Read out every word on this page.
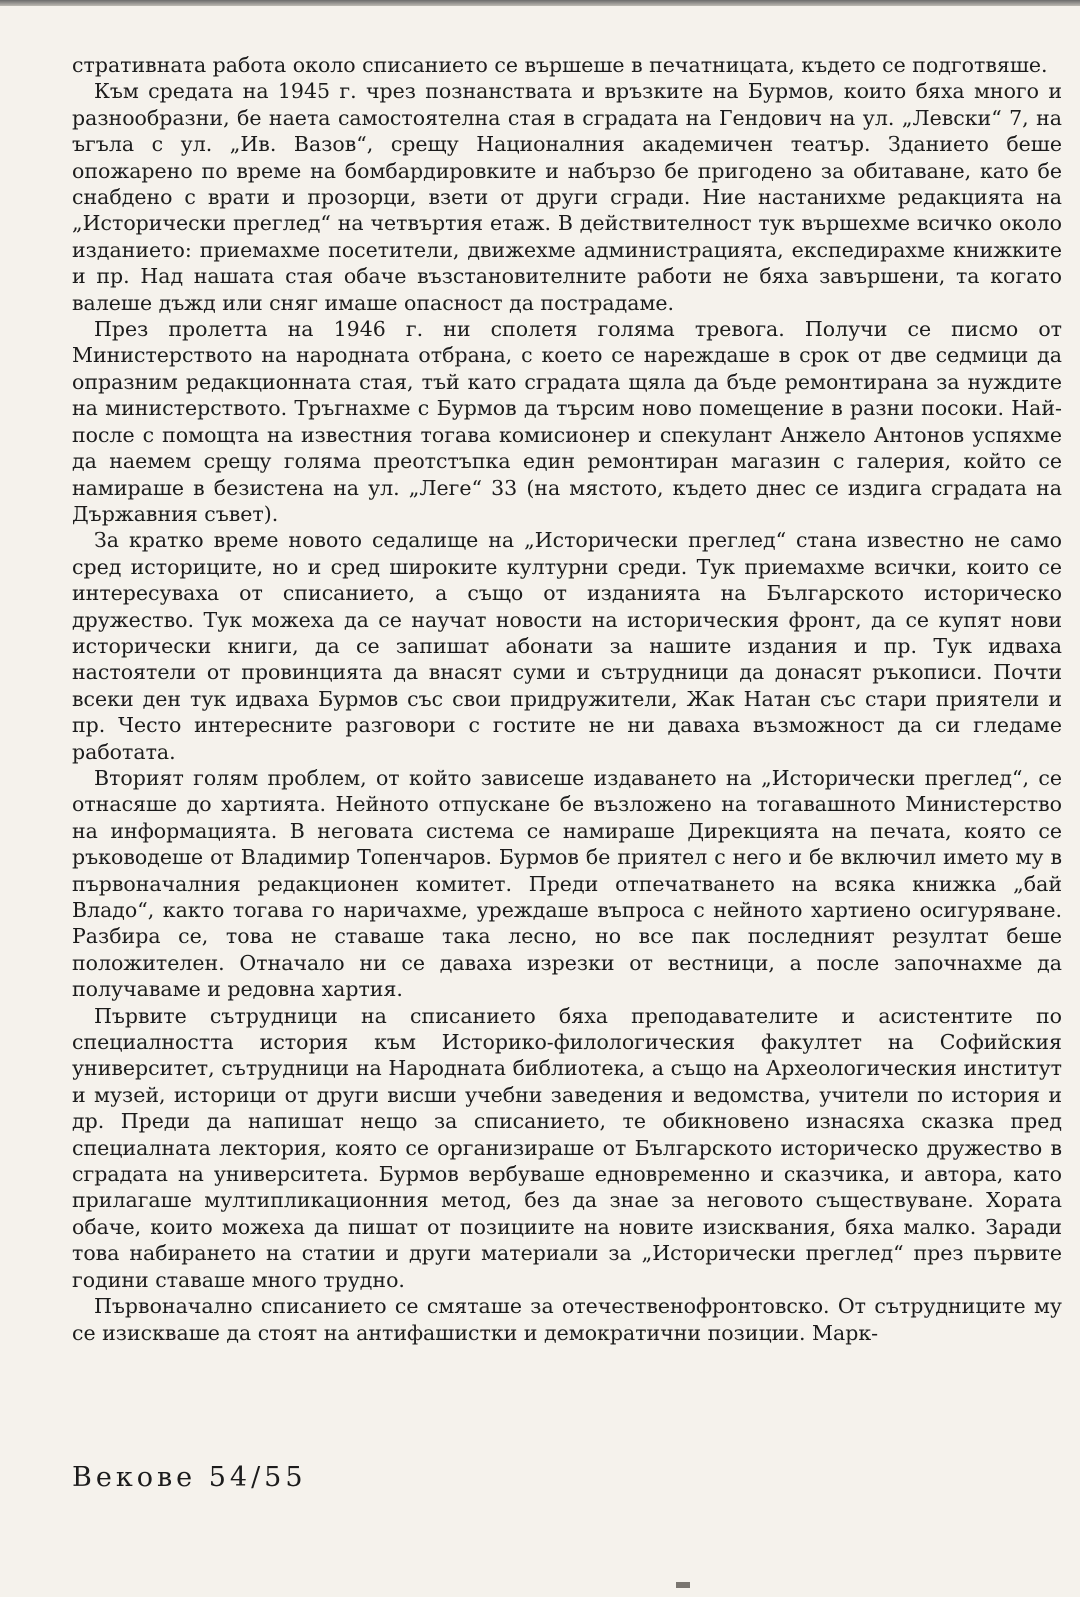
стративната работа около списанието се вършеше в печатницата, където се подготвяше.

Към средата на 1945 г. чрез познанствата и връзките на Бурмов, които бяха много и разнообразни, бе наета самостоятелна стая в сградата на Гендович на ул. „Левски“ 7, на ъгъла с ул. „Ив. Вазов“, срещу Националния академичен театър. Зданието беше опожарено по време на бомбардировките и набързо бе пригодено за обитаване, като бе снабдено с врати и прозорци, взети от други сгради. Ние настанихме редакцията на „Исторически преглед“ на четвъртия етаж. В действителност тук вършехме всичко около изданието: приемахме посетители, движехме администрацията, експедирахме книжките и пр. Над нашата стая обаче възстановителните работи не бяха завършени, та когато валеше дъжд или сняг имаше опасност да пострадаме.

През пролетта на 1946 г. ни сполетя голяма тревога. Получи се писмо от Министерството на народната отбрана, с което се нареждаше в срок от две седмици да опразним редакционната стая, тъй като сградата щяла да бъде ремонтирана за нуждите на министерството. Тръгнахме с Бурмов да търсим ново помещение в разни посоки. Най-после с помощта на известния тогава комисионер и спекулант Анжело Антонов успяхме да наемем срещу голяма преотстъпка един ремонтиран магазин с галерия, който се намираше в безистена на ул. „Леге“ 33 (на мястото, където днес се издига сградата на Държавния съвет).

За кратко време новото седалище на „Исторически преглед“ стана известно не само сред историците, но и сред широките културни среди. Тук приемахме всички, които се интересуваха от списанието, а също от изданията на Българското историческо дружество. Тук можеха да се научат новости на историческия фронт, да се купят нови исторически книги, да се запишат абонати за нашите издания и пр. Тук идваха настоятели от провинцията да внасят суми и сътрудници да донасят ръкописи. Почти всеки ден тук идваха Бурмов със свои придружители, Жак Натан със стари приятели и пр. Често интересните разговори с гостите не ни даваха възможност да си гледаме работата.

Вторият голям проблем, от който зависеше издаването на „Исторически преглед“, се отнасяше до хартията. Нейното отпускане бе възложено на тогавашното Министерство на информацията. В неговата система се намираше Дирекцията на печата, която се ръководеше от Владимир Топенчаров. Бурмов бе приятел с него и бе включил името му в първоначалния редакционен комитет. Преди отпечатването на всяка книжка „бай Владо“, както тогава го наричахме, уреждаше въпроса с нейното хартиено осигуряване. Разбира се, това не ставаше така лесно, но все пак последният резултат беше положителен. Отначало ни се даваха изрезки от вестници, а после започнахме да получаваме и редовна хартия.

Първите сътрудници на списанието бяха преподавателите и асистентите по специалността история към Историко-филологическия факултет на Софийския университет, сътрудници на Народната библиотека, а също на Археологическия институт и музей, историци от други висши учебни заведения и ведомства, учители по история и др. Преди да напишат нещо за списанието, те обикновено изнасяха сказка пред специалната лектория, която се организираше от Българското историческо дружество в сградата на университета. Бурмов вербуваше едновременно и сказчика, и автора, като прилагаше мултипликационния метод, без да знае за неговото съществуване. Хората обаче, които можеха да пишат от позициите на новите изисквания, бяха малко. Заради това набирането на статии и други материали за „Исторически преглед“ през първите години ставаше много трудно.

Първоначално списанието се смяташе за отечественофронтовско. От сътрудниците му се изискваше да стоят на антифашистки и демократични позиции. Марк-

Векове 54/55
